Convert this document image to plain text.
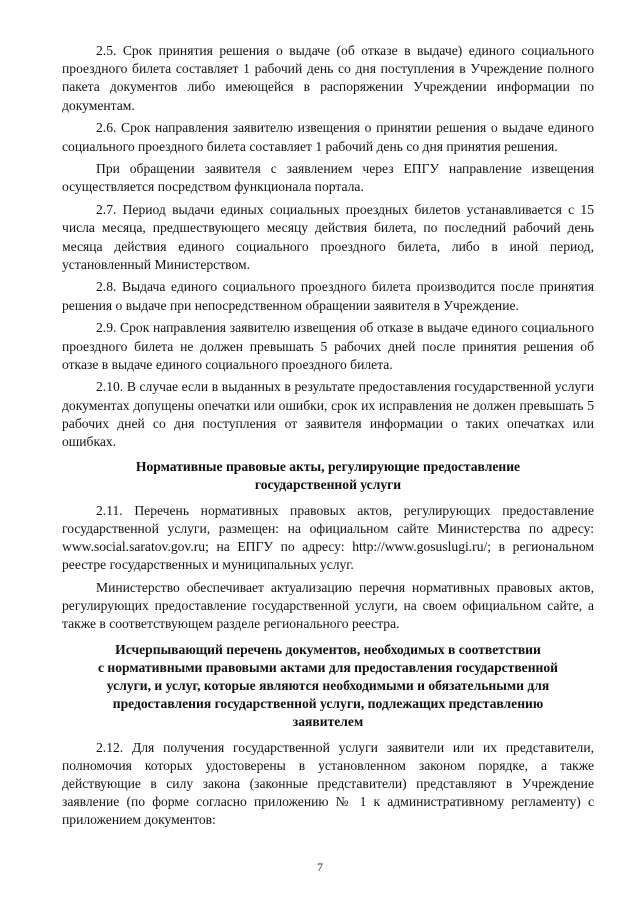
2.5. Срок принятия решения о выдаче (об отказе в выдаче) единого социального проездного билета составляет 1 рабочий день со дня поступления в Учреждение полного пакета документов либо имеющейся в распоряжении Учреждении информации по документам.

2.6. Срок направления заявителю извещения о принятии решения о выдаче единого социального проездного билета составляет 1 рабочий день со дня принятия решения.

При обращении заявителя с заявлением через ЕПГУ направление извещения осуществляется посредством функционала портала.

2.7. Период выдачи единых социальных проездных билетов устанавливается с 15 числа месяца, предшествующего месяцу действия билета, по последний рабочий день месяца действия единого социального проездного билета, либо в иной период, установленный Министерством.

2.8. Выдача единого социального проездного билета производится после принятия решения о выдаче при непосредственном обращении заявителя в Учреждение.

2.9. Срок направления заявителю извещения об отказе в выдаче единого социального проездного билета не должен превышать 5 рабочих дней после принятия решения об отказе в выдаче единого социального проездного билета.

2.10. В случае если в выданных в результате предоставления государственной услуги документах допущены опечатки или ошибки, срок их исправления не должен превышать 5 рабочих дней со дня поступления от заявителя информации о таких опечатках или ошибках.

Нормативные правовые акты, регулирующие предоставление
государственной услуги

2.11. Перечень нормативных правовых актов, регулирующих предоставление государственной услуги, размещен: на официальном сайте Министерства по адресу: www.social.saratov.gov.ru; на ЕПГУ по адресу: http://www.gosuslugi.ru/; в региональном реестре государственных и муниципальных услуг.

Министерство обеспечивает актуализацию перечня нормативных правовых актов, регулирующих предоставление государственной услуги, на своем официальном сайте, а также в соответствующем разделе регионального реестра.

Исчерпывающий перечень документов, необходимых в соответствии
с нормативными правовыми актами для предоставления государственной
услуги, и услуг, которые являются необходимыми и обязательными для
предоставления государственной услуги, подлежащих представлению
заявителем

2.12. Для получения государственной услуги заявители или их представители, полномочия которых удостоверены в установленном законом порядке, а также действующие в силу закона (законные представители) представляют в Учреждение заявление (по форме согласно приложению № 1 к административному регламенту) с приложением документов:

7
